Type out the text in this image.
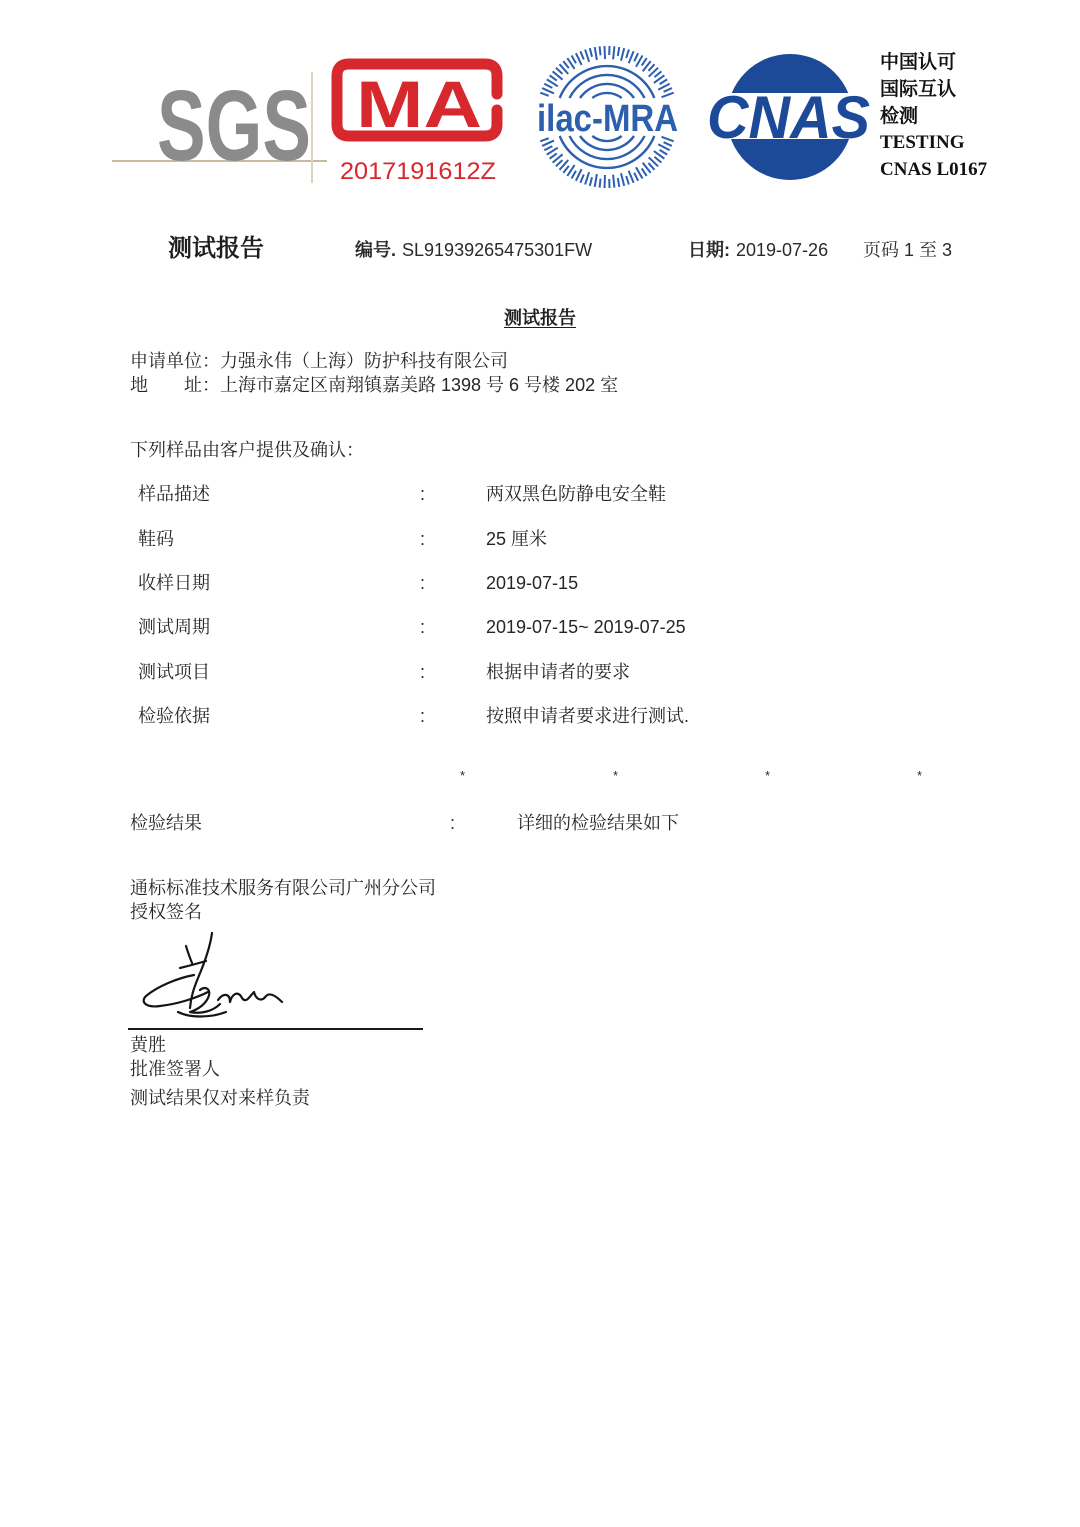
SGS MA
2017191612Z
ilac-MRA CNAS
中国认可
国际互认
检测
TESTING
CNAS L0167
测试报告	编号. SL91939265475301FW	日期: 2019-07-26 页码 1 至 3
测试报告
申请单位：力强永伟（上海）防护科技有限公司
地　　址：上海市嘉定区南翔镇嘉美路 1398 号 6 号楼 202 室
下列样品由客户提供及确认：
样品描述	:	两双黑色防静电安全鞋
鞋码	:	25 厘米
收样日期	:	2019-07-15
测试周期	:	2019-07-15~ 2019-07-25
测试项目	:	根据申请者的要求
检验依据	:	按照申请者要求进行测试.
*	*	*	*
检验结果	:	详细的检验结果如下
通标标准技术服务有限公司广州分公司
授权签名
黄胜
批准签署人
测试结果仅对来样负责
